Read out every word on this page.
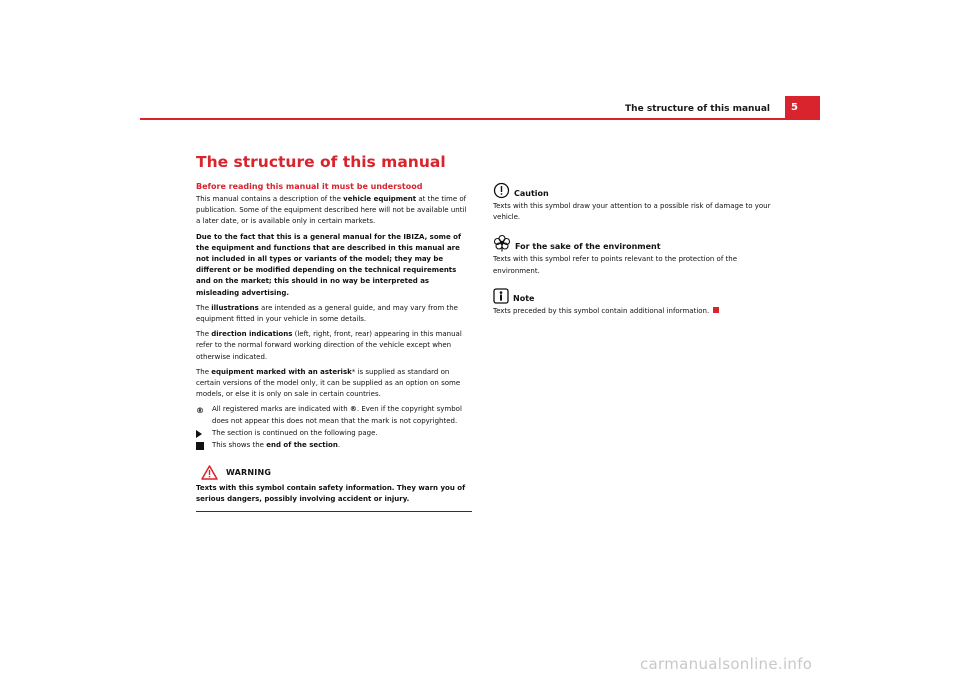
The structure of this manual	5
The structure of this manual
Before reading this manual it must be understood

This manual contains a description of the vehicle equipment at the time of publication. Some of the equipment described here will not be available until a later date, or is available only in certain markets.

Due to the fact that this is a general manual for the IBIZA, some of the equipment and functions that are described in this manual are not included in all types or variants of the model; they may be different or be modified depending on the technical requirements and on the market; this should in no way be interpreted as misleading advertising.

The illustrations are intended as a general guide, and may vary from the equipment fitted in your vehicle in some details.

The direction indications (left, right, front, rear) appearing in this manual refer to the normal forward working direction of the vehicle except when otherwise indicated.

The equipment marked with an asterisk* is supplied as standard on certain versions of the model only, it can be supplied as an option on some models, or else it is only on sale in certain countries.

® All registered marks are indicated with ®. Even if the copyright symbol does not appear this does not mean that the mark is not copyrighted.
The section is continued on the following page.
This shows the end of the section.
WARNING

Texts with this symbol contain safety information. They warn you of serious dangers, possibly involving accident or injury.

Caution

Texts with this symbol draw your attention to a possible risk of damage to your vehicle.

For the sake of the environment

Texts with this symbol refer to points relevant to the protection of the environment.

Note

Texts preceded by this symbol contain additional information.

carmanualsonline.info
